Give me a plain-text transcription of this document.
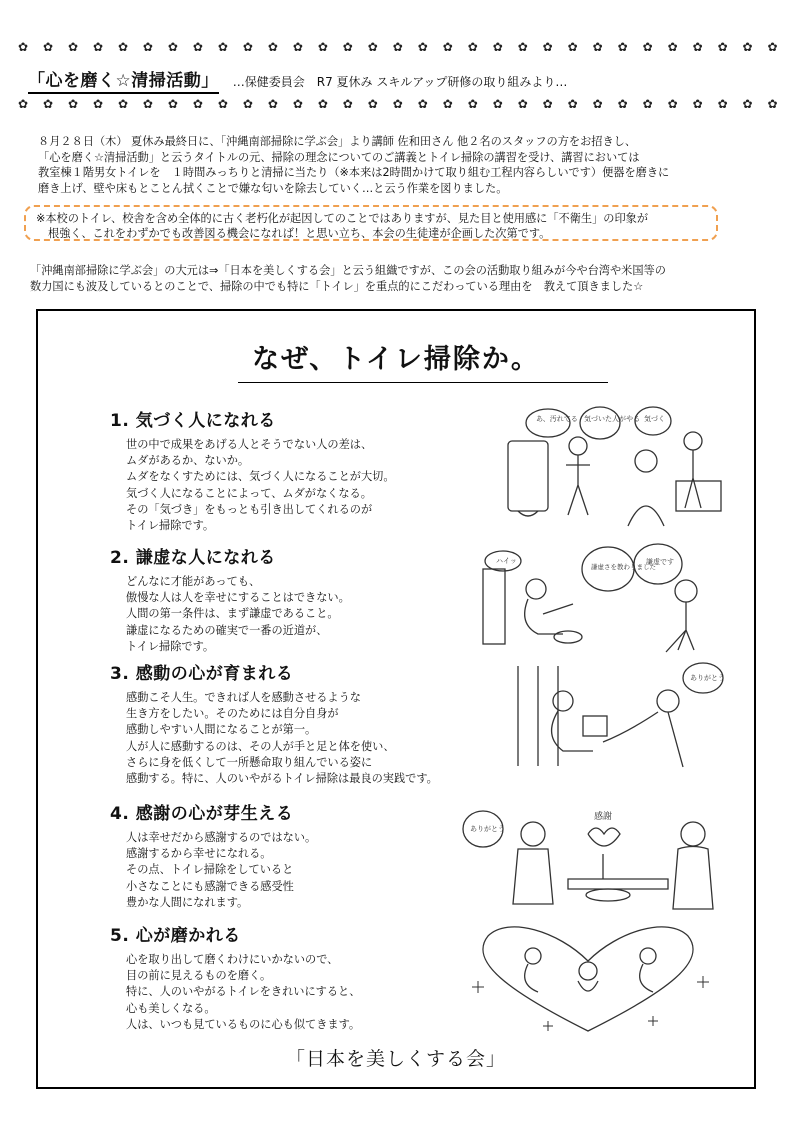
✿ ✿ ✿ ✿ ✿ ✿ ✿ ✿ ✿ ✿ ✿ ✿ ✿ ✿ ✿ ✿ ✿ ✿ ✿ ✿ ✿ ✿ ✿ ✿ ✿ ✿ ✿ ✿ ✿ ✿ ✿
「心を磨く☆清掃活動」 …保健委員会　R7 夏休み スキルアップ研修の取り組みより…
✿ ✿ ✿ ✿ ✿ ✿ ✿ ✿ ✿ ✿ ✿ ✿ ✿ ✿ ✿ ✿ ✿ ✿ ✿ ✿ ✿ ✿ ✿ ✿ ✿ ✿ ✿ ✿ ✿ ✿ ✿

８月２８日（木） 夏休み最終日に、「沖縄南部掃除に学ぶ会」より講師 佐和田さん 他２名のスタッフの方をお招きし、

「心を磨く☆清掃活動」と云うタイトルの元、掃除の理念についてのご講義とトイレ掃除の講習を受け、講習においては

教室棟１階男女トイレを　１時間みっちりと清掃に当たり（※本来は2時間かけて取り組む工程内容らしいです）便器を磨きに

磨き上げ、壁や床もとことん拭くことで嫌な匂いを除去していく…と云う作業を図りました。

※本校のトイレ、校舎を含め全体的に古く老朽化が起因してのことではありますが、見た目と使用感に「不衛生」の印象が

根強く、これをわずかでも改善図る機会になれば！と思い立ち、本会の生徒達が企画した次第です。

「沖縄南部掃除に学ぶ会」の大元は⇒「日本を美しくする会」と云う組織ですが、この会の活動取り組みが今や台湾や米国等の

数力国にも波及しているとのことで、掃除の中でも特に「トイレ」を重点的にこだわっている理由を　教えて頂きました☆

なぜ、トイレ掃除か。
1. 気づく人になれる

世の中で成果をあげる人とそうでない人の差は、

ムダがあるか、ないか。

ムダをなくすためには、気づく人になることが大切。

気づく人になることによって、ムダがなくなる。

その「気づき」をもっとも引き出してくれるのが

トイレ掃除です。

あ、汚れてる 気づいた人がやる 気づく
2. 謙虚な人になれる

どんなに才能があっても、

傲慢な人は人を幸せにすることはできない。

人間の第一条件は、まず謙虚であること。

謙虚になるための確実で一番の近道が、

トイレ掃除です。

ハイッ
謙虚さを教わりました
謙虚です
3. 感動の心が育まれる

感動こそ人生。できれば人を感動させるような

生き方をしたい。そのためには自分自身が

感動しやすい人間になることが第一。

人が人に感動するのは、その人が手と足と体を使い、

さらに身を低くして一所懸命取り組んでいる姿に

感動する。特に、人のいやがるトイレ掃除は最良の実践です。

ありがとう
4. 感謝の心が芽生える

人は幸せだから感謝するのではない。

感謝するから幸せになれる。

その点、トイレ掃除をしていると

小さなことにも感謝できる感受性

豊かな人間になれます。

ありがとう
感謝
5. 心が磨かれる

心を取り出して磨くわけにいかないので、

目の前に見えるものを磨く。

特に、人のいやがるトイレをきれいにすると、

心も美しくなる。

人は、いつも見ているものに心も似てきます。

「日本を美しくする会」
